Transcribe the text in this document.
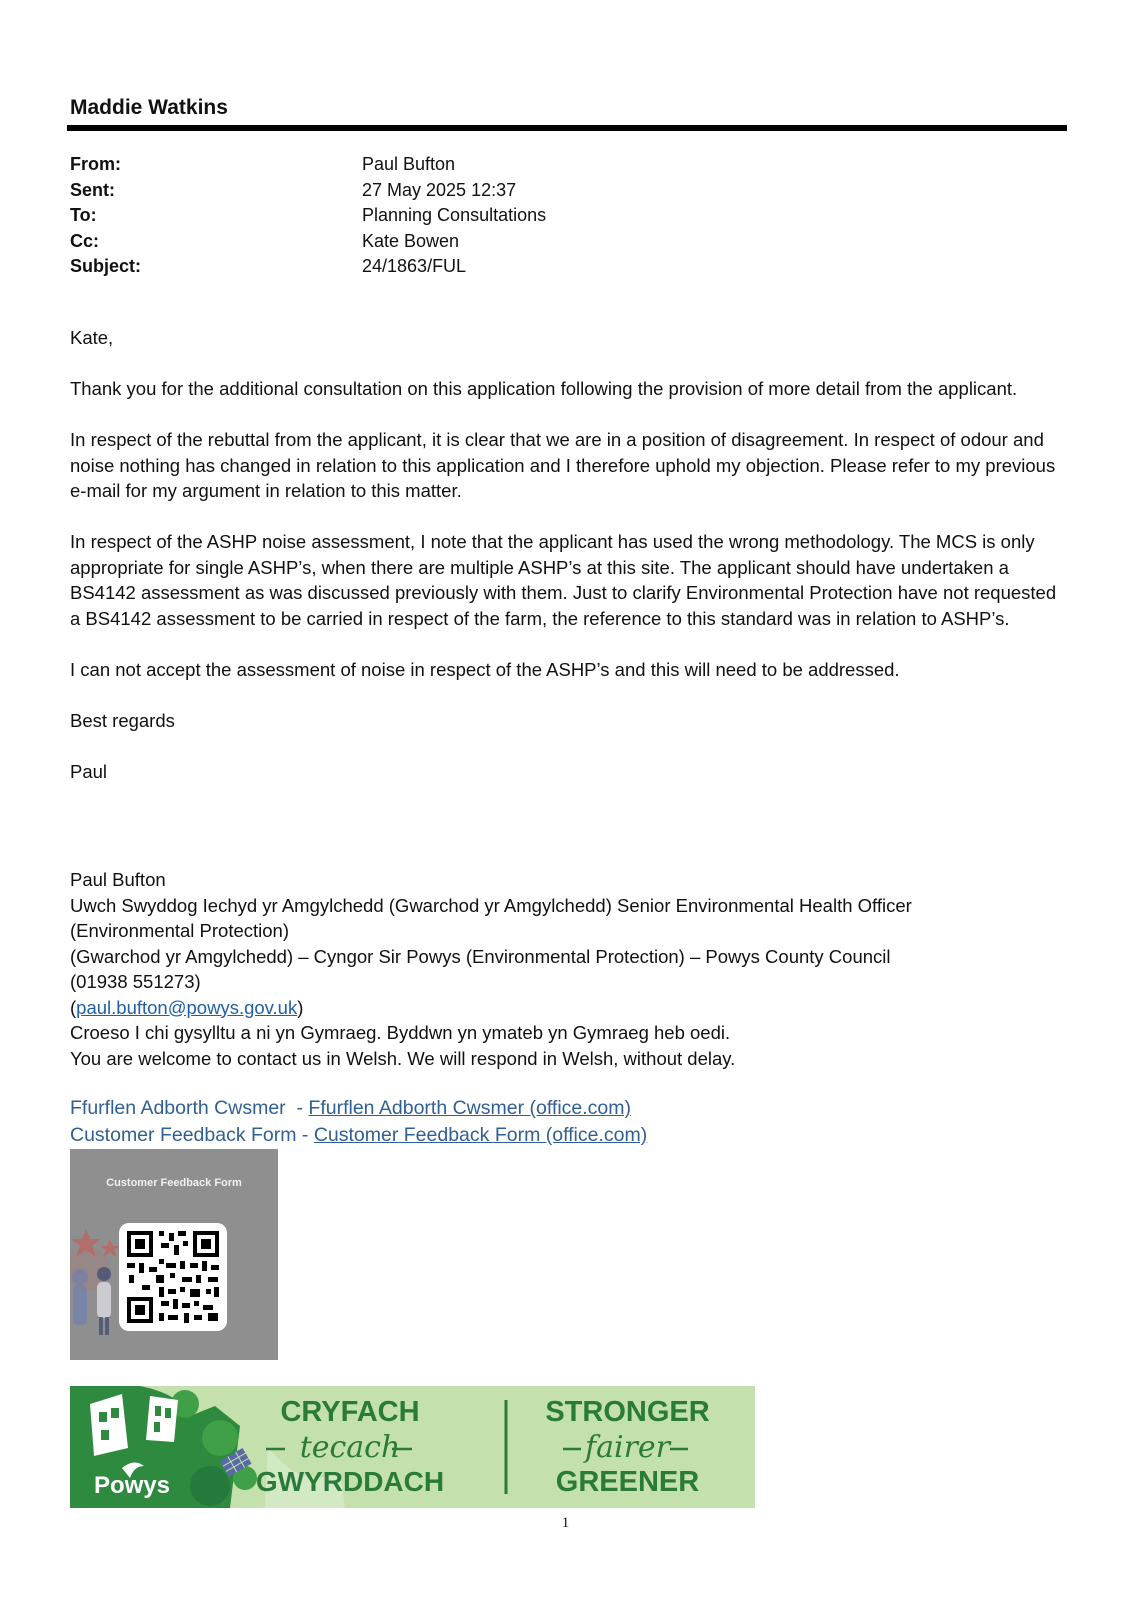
Maddie Watkins
From:	Paul Bufton
Sent:	27 May 2025 12:37
To:	Planning Consultations
Cc:	Kate Bowen
Subject:	24/1863/FUL

Kate,

Thank you for the additional consultation on this application following the provision of more detail from the applicant.

In respect of the rebuttal from the applicant, it is clear that we are in a position of disagreement. In respect of odour and noise nothing has changed in relation to this application and I therefore uphold my objection. Please refer to my previous e-mail for my argument in relation to this matter.

In respect of the ASHP noise assessment, I note that the applicant has used the wrong methodology. The MCS is only appropriate for single ASHP’s, when there are multiple ASHP’s at this site. The applicant should have undertaken a BS4142 assessment as was discussed previously with them. Just to clarify Environmental Protection have not requested a BS4142 assessment to be carried in respect of the farm, the reference to this standard was in relation to ASHP’s.

I can not accept the assessment of noise in respect of the ASHP’s and this will need to be addressed.

Best regards

Paul

Paul Bufton
Uwch Swyddog Iechyd yr Amgylchedd (Gwarchod yr Amgylchedd) Senior Environmental Health Officer
(Environmental Protection)
(Gwarchod yr Amgylchedd) – Cyngor Sir Powys (Environmental Protection) – Powys County Council
(01938 551273)
(paul.bufton@powys.gov.uk)
Croeso I chi gysylltu a ni yn Gymraeg. Byddwn yn ymateb yn Gymraeg heb oedi.
You are welcome to contact us in Welsh. We will respond in Welsh, without delay.
Ffurflen Adborth Cwsmer  - Ffurflen Adborth Cwsmer (office.com)
Customer Feedback Form - Customer Feedback Form (office.com)
Customer Feedback Form
Powys
CRYFACH
tecach
GWYRDDACH
STRONGER
fairer
GREENER
1
